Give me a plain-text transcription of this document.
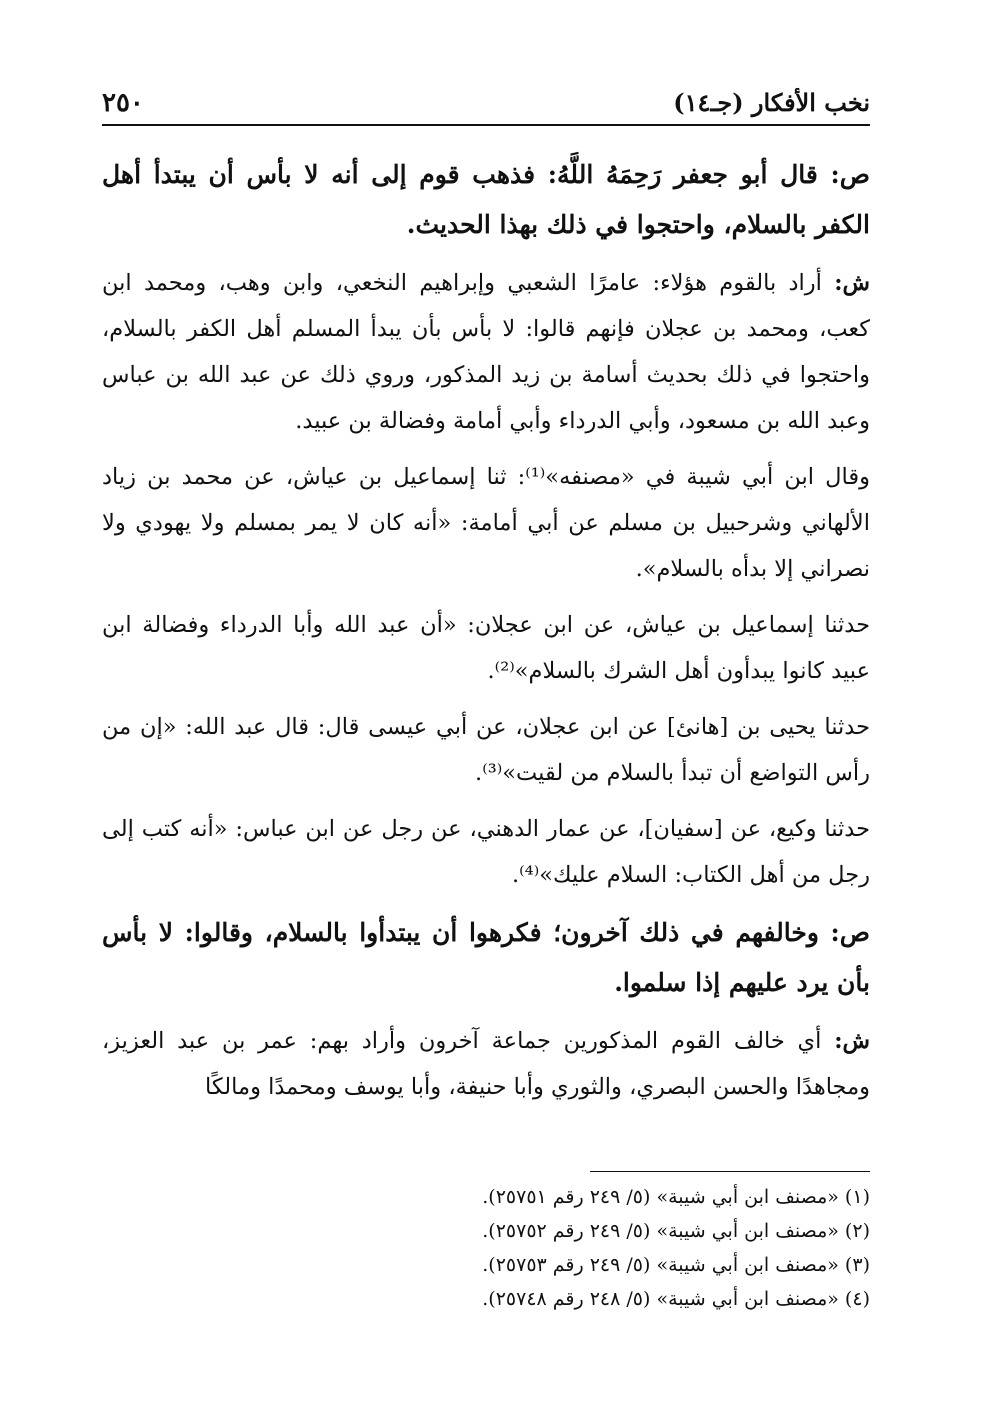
نخب الأفكار (جـ١٤)
٢٥٠

ص: قال أبو جعفر رَحِمَهُ اللَّهُ: فذهب قوم إلى أنه لا بأس أن يبتدأ أهل الكفر بالسلام، واحتجوا في ذلك بهذا الحديث.

ش: أراد بالقوم هؤلاء: عامرًا الشعبي وإبراهيم النخعي، وابن وهب، ومحمد ابن كعب، ومحمد بن عجلان فإنهم قالوا: لا بأس بأن يبدأ المسلم أهل الكفر بالسلام، واحتجوا في ذلك بحديث أسامة بن زيد المذكور، وروي ذلك عن عبد الله بن عباس وعبد الله بن مسعود، وأبي الدرداء وأبي أمامة وفضالة بن عبيد.

وقال ابن أبي شيبة في «مصنفه»⁽¹⁾: ثنا إسماعيل بن عياش، عن محمد بن زياد الألهاني وشرحبيل بن مسلم عن أبي أمامة: «أنه كان لا يمر بمسلم ولا يهودي ولا نصراني إلا بدأه بالسلام».

حدثنا إسماعيل بن عياش، عن ابن عجلان: «أن عبد الله وأبا الدرداء وفضالة ابن عبيد كانوا يبدأون أهل الشرك بالسلام»⁽²⁾.

حدثنا يحيى بن [هانئ] عن ابن عجلان، عن أبي عيسى قال: قال عبد الله: «إن من رأس التواضع أن تبدأ بالسلام من لقيت»⁽³⁾.

حدثنا وكيع، عن [سفيان]، عن عمار الدهني، عن رجل عن ابن عباس: «أنه كتب إلى رجل من أهل الكتاب: السلام عليك»⁽⁴⁾.

ص: وخالفهم في ذلك آخرون؛ فكرهوا أن يبتدأوا بالسلام، وقالوا: لا بأس بأن يرد عليهم إذا سلموا.

ش: أي خالف القوم المذكورين جماعة آخرون وأراد بهم: عمر بن عبد العزيز، ومجاهدًا والحسن البصري، والثوري وأبا حنيفة، وأبا يوسف ومحمدًا ومالكًا

(١) «مصنف ابن أبي شيبة» (٥/ ٢٤٩ رقم ٢٥٧٥١).
(٢) «مصنف ابن أبي شيبة» (٥/ ٢٤٩ رقم ٢٥٧٥٢).
(٣) «مصنف ابن أبي شيبة» (٥/ ٢٤٩ رقم ٢٥٧٥٣).
(٤) «مصنف ابن أبي شيبة» (٥/ ٢٤٨ رقم ٢٥٧٤٨).
